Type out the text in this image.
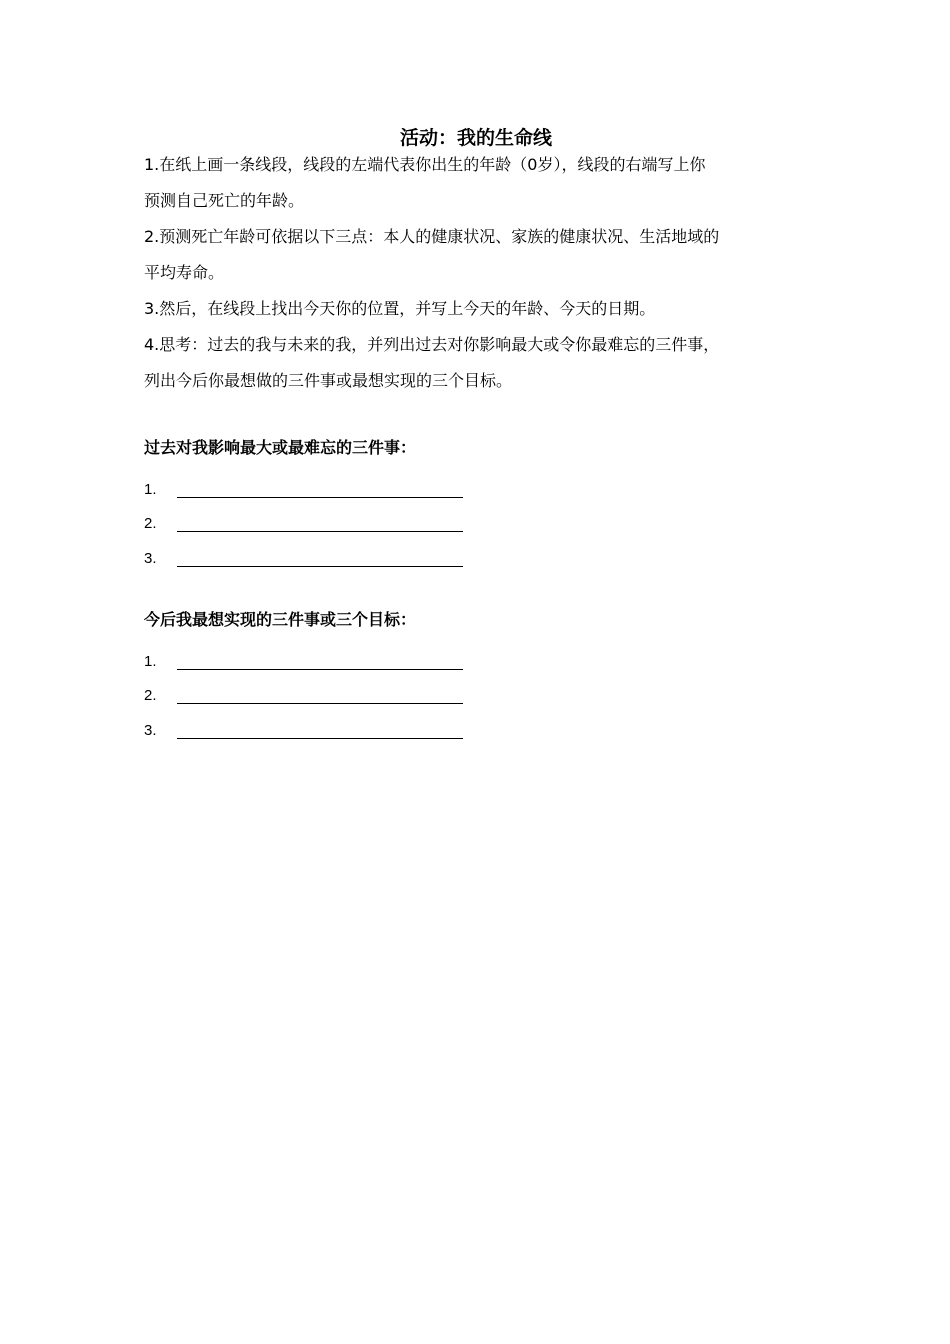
活动：我的生命线

1.在纸上画一条线段，线段的左端代表你出生的年龄（0岁），线段的右端写上你

预测自己死亡的年龄。

2.预测死亡年龄可依据以下三点：本人的健康状况、家族的健康状况、生活地域的

平均寿命。

3.然后，在线段上找出今天你的位置，并写上今天的年龄、今天的日期。

4.思考：过去的我与未来的我，并列出过去对你影响最大或令你最难忘的三件事，

列出今后你最想做的三件事或最想实现的三个目标。

过去对我影响最大或最难忘的三件事：

1.
2.
3.

今后我最想实现的三件事或三个目标：

1.
2.
3.
